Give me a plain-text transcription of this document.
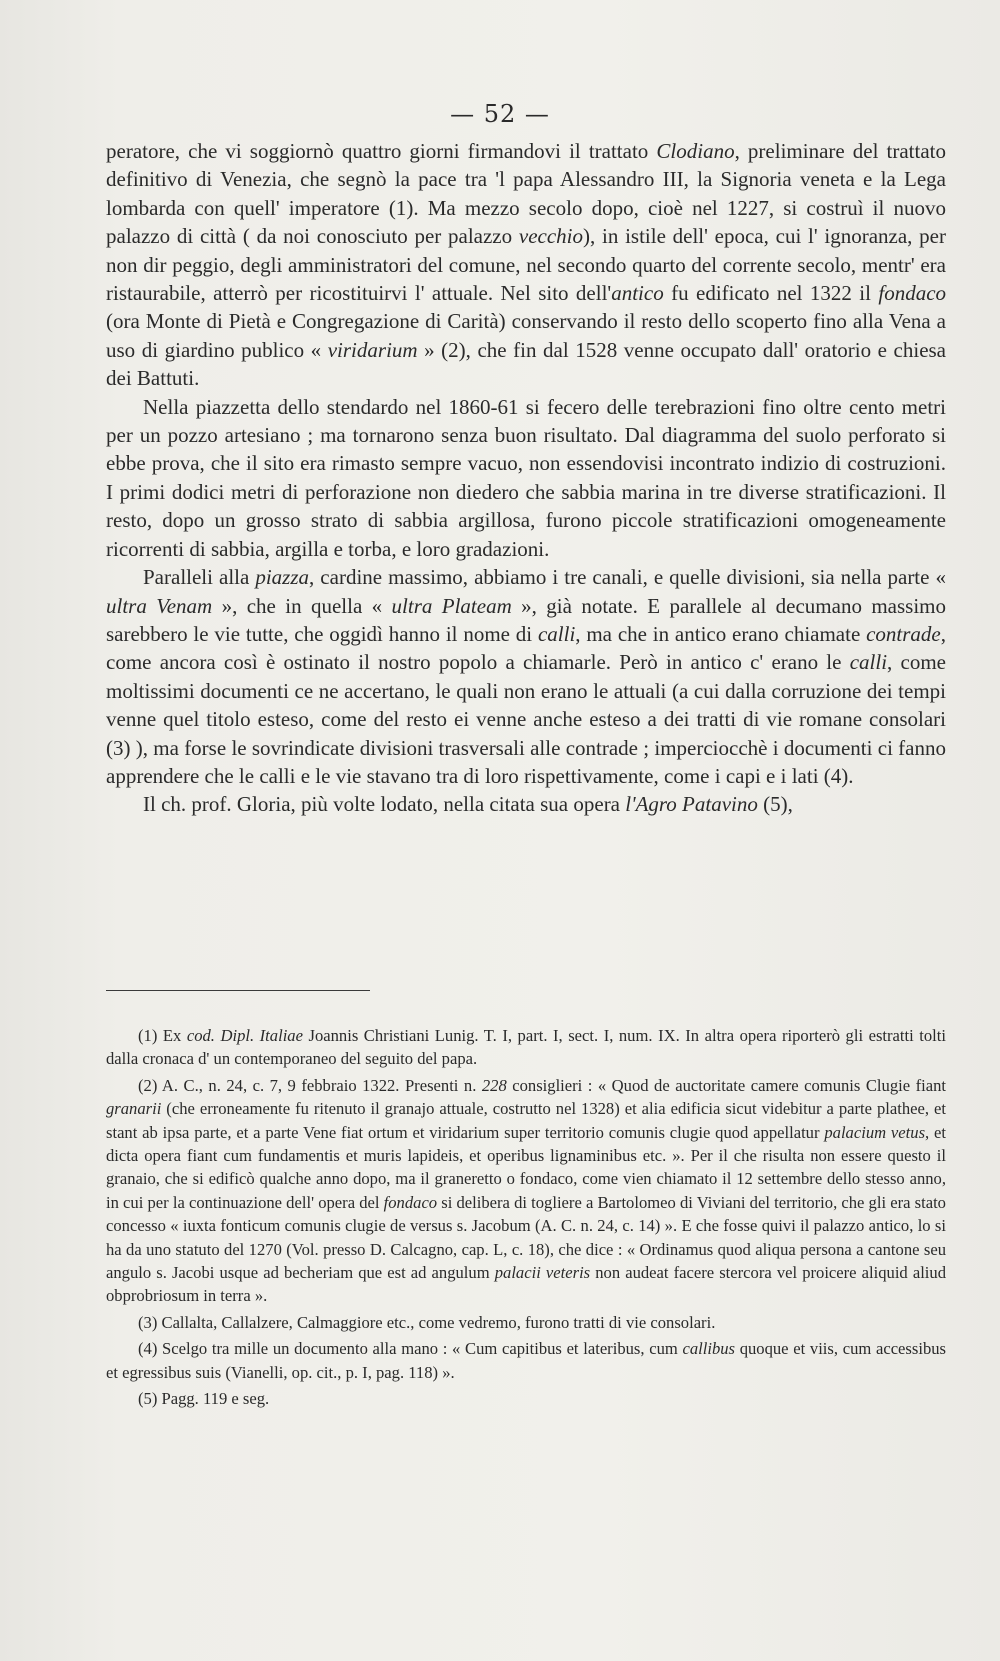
— 52 —

peratore, che vi soggiornò quattro giorni firmandovi il trattato Clodiano, preliminare del trattato definitivo di Venezia, che segnò la pace tra 'l papa Alessandro III, la Signoria veneta e la Lega lombarda con quell' imperatore (1). Ma mezzo secolo dopo, cioè nel 1227, si costruì il nuovo palazzo di città ( da noi conosciuto per palazzo vecchio), in istile dell' epoca, cui l' ignoranza, per non dir peggio, degli amministratori del comune, nel secondo quarto del corrente secolo, mentr' era ristaurabile, atterrò per ricostituirvi l' attuale. Nel sito dell'antico fu edificato nel 1322 il fondaco (ora Monte di Pietà e Congregazione di Carità) conservando il resto dello scoperto fino alla Vena a uso di giardino publico « viridarium » (2), che fin dal 1528 venne occupato dall' oratorio e chiesa dei Battuti.

Nella piazzetta dello stendardo nel 1860-61 si fecero delle terebrazioni fino oltre cento metri per un pozzo artesiano ; ma tornarono senza buon risultato. Dal diagramma del suolo perforato si ebbe prova, che il sito era rimasto sempre vacuo, non essendovisi incontrato indizio di costruzioni. I primi dodici metri di perforazione non diedero che sabbia marina in tre diverse stratificazioni. Il resto, dopo un grosso strato di sabbia argillosa, furono piccole stratificazioni omogeneamente ricorrenti di sabbia, argilla e torba, e loro gradazioni.

Paralleli alla piazza, cardine massimo, abbiamo i tre canali, e quelle divisioni, sia nella parte « ultra Venam », che in quella « ultra Plateam », già notate. E parallele al decumano massimo sarebbero le vie tutte, che oggidì hanno il nome di calli, ma che in antico erano chiamate contrade, come ancora così è ostinato il nostro popolo a chiamarle. Però in antico c' erano le calli, come moltissimi documenti ce ne accertano, le quali non erano le attuali (a cui dalla corruzione dei tempi venne quel titolo esteso, come del resto ei venne anche esteso a dei tratti di vie romane consolari (3) ), ma forse le sovrindicate divisioni trasversali alle contrade ; imperciocchè i documenti ci fanno apprendere che le calli e le vie stavano tra di loro rispettivamente, come i capi e i lati (4).

Il ch. prof. Gloria, più volte lodato, nella citata sua opera l'Agro Patavino (5),

(1) Ex cod. Dipl. Italiae Joannis Christiani Lunig. T. I, part. I, sect. I, num. IX. In altra opera riporterò gli estratti tolti dalla cronaca d' un contemporaneo del seguito del papa.

(2) A. C., n. 24, c. 7, 9 febbraio 1322. Presenti n. 228 consiglieri : « Quod de auctoritate camere comunis Clugie fiant granarii (che erroneamente fu ritenuto il granajo attuale, costrutto nel 1328) et alia edificia sicut videbitur a parte plathee, et stant ab ipsa parte, et a parte Vene fiat ortum et viridarium super territorio comunis clugie quod appellatur palacium vetus, et dicta opera fiant cum fundamentis et muris lapideis, et operibus lignaminibus etc. ». Per il che risulta non essere questo il granaio, che si edificò qualche anno dopo, ma il graneretto o fondaco, come vien chiamato il 12 settembre dello stesso anno, in cui per la continuazione dell' opera del fondaco si delibera di togliere a Bartolomeo di Viviani del territorio, che gli era stato concesso « iuxta fonticum comunis clugie de versus s. Jacobum (A. C. n. 24, c. 14) ». E che fosse quivi il palazzo antico, lo si ha da uno statuto del 1270 (Vol. presso D. Calcagno, cap. L, c. 18), che dice : « Ordinamus quod aliqua persona a cantone seu angulo s. Jacobi usque ad becheriam que est ad angulum palacii veteris non audeat facere stercora vel proicere aliquid aliud obprobriosum in terra ».

(3) Callalta, Callalzere, Calmaggiore etc., come vedremo, furono tratti di vie consolari.

(4) Scelgo tra mille un documento alla mano : « Cum capitibus et lateribus, cum callibus quoque et viis, cum accessibus et egressibus suis (Vianelli, op. cit., p. I, pag. 118) ».

(5) Pagg. 119 e seg.
